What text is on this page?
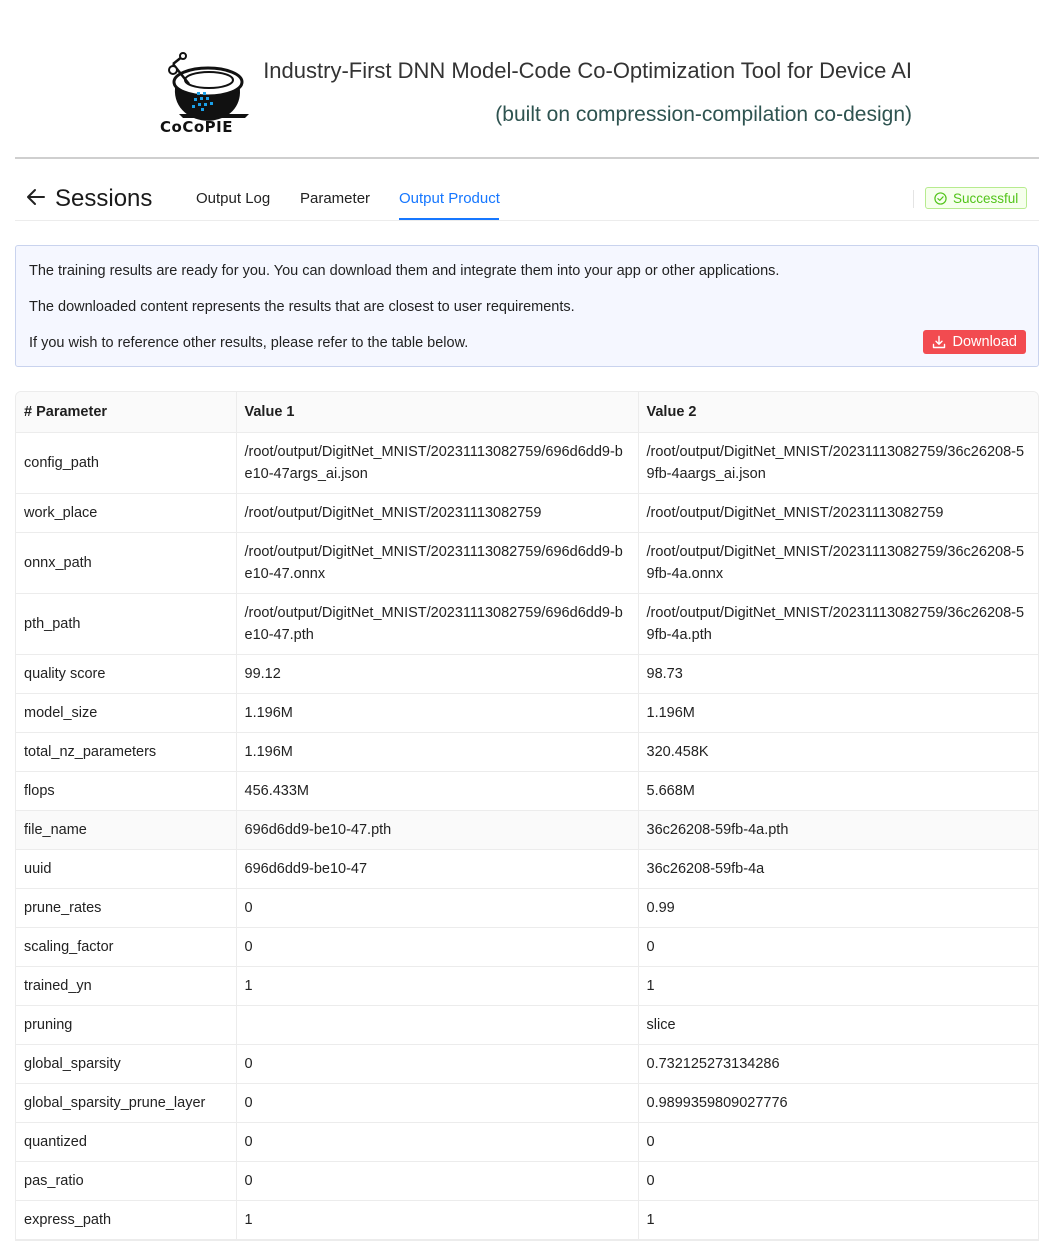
CoCoPIE
Industry-First DNN Model-Code Co-Optimization Tool for Device AI
(built on compression-compilation co-design)
Sessions	Output Log Parameter Output Product	Successful
The training results are ready for you. You can download them and integrate them into your app or other applications.
The downloaded content represents the results that are closest to user requirements.
If you wish to reference other results, please refer to the table below.	Download
# Parameter	Value 1	Value 2
config_path	/root/output/DigitNet_MNIST/20231113082759/696d6dd9-be10-47args_ai.json	/root/output/DigitNet_MNIST/20231113082759/36c26208-59fb-4aargs_ai.json
work_place	/root/output/DigitNet_MNIST/20231113082759	/root/output/DigitNet_MNIST/20231113082759
onnx_path	/root/output/DigitNet_MNIST/20231113082759/696d6dd9-be10-47.onnx	/root/output/DigitNet_MNIST/20231113082759/36c26208-59fb-4a.onnx
pth_path	/root/output/DigitNet_MNIST/20231113082759/696d6dd9-be10-47.pth	/root/output/DigitNet_MNIST/20231113082759/36c26208-59fb-4a.pth
quality score	99.12	98.73
model_size	1.196M	1.196M
total_nz_parameters	1.196M	320.458K
flops	456.433M	5.668M
file_name	696d6dd9-be10-47.pth	36c26208-59fb-4a.pth
uuid	696d6dd9-be10-47	36c26208-59fb-4a
prune_rates	0	0.99
scaling_factor	0	0
trained_yn	1	1
pruning		slice
global_sparsity	0	0.732125273134286
global_sparsity_prune_layer	0	0.9899359809027776
quantized	0	0
pas_ratio	0	0
express_path	1	1
